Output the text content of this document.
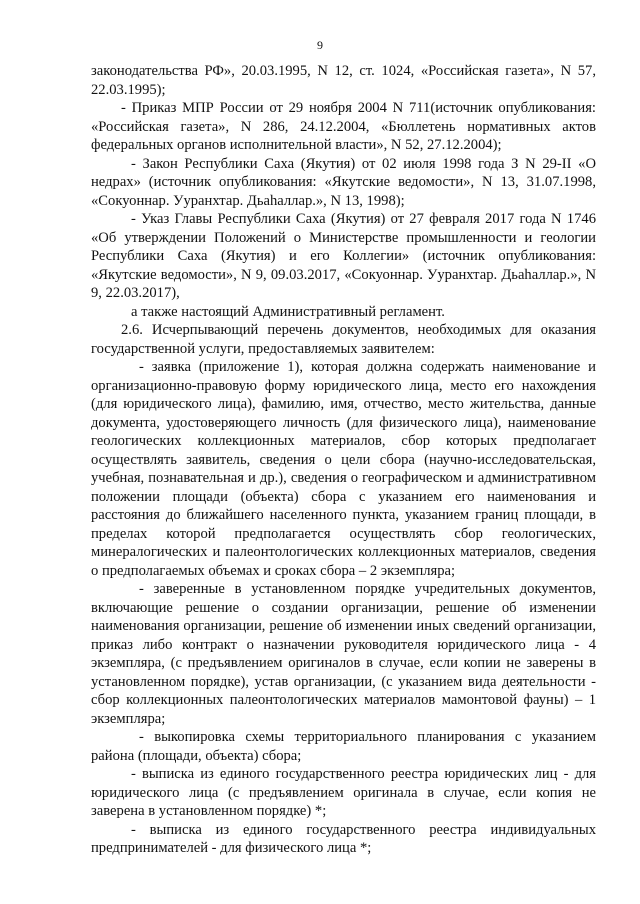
9

законодательства РФ», 20.03.1995, N 12, ст. 1024, «Российская газета», N 57, 22.03.1995);

- Приказ МПР России от 29 ноября 2004 N 711(источник опубликования: «Российская газета», N 286, 24.12.2004, «Бюллетень нормативных актов федеральных органов исполнительной власти», N 52, 27.12.2004);

- Закон Республики Саха (Якутия) от 02 июля 1998 года З N 29-II «О недрах» (источник опубликования: «Якутские ведомости», N 13, 31.07.1998, «Сокуоннар. Ууранхтар. Дьаһаллар.», N 13, 1998);

- Указ Главы Республики Саха (Якутия) от 27 февраля 2017 года N 1746 «Об утверждении Положений о Министерстве промышленности и геологии Республики Саха (Якутия) и его Коллегии» (источник опубликования: «Якутские ведомости», N 9, 09.03.2017, «Сокуоннар. Ууранхтар. Дьаһаллар.», N 9, 22.03.2017),

а также настоящий Административный регламент.

2.6. Исчерпывающий перечень документов, необходимых для оказания государственной услуги, предоставляемых заявителем:

- заявка (приложение 1), которая должна содержать наименование и организационно-правовую форму юридического лица, место его нахождения (для юридического лица), фамилию, имя, отчество, место жительства, данные документа, удостоверяющего личность (для физического лица), наименование геологических коллекционных материалов, сбор которых предполагает осуществлять заявитель, сведения о цели сбора (научно-исследовательская, учебная, познавательная и др.), сведения о географическом и административном положении площади (объекта) сбора с указанием его наименования и расстояния до ближайшего населенного пункта, указанием границ площади, в пределах которой предполагается осуществлять сбор геологических, минералогических и палеонтологических коллекционных материалов, сведения о предполагаемых объемах и сроках сбора – 2 экземпляра;

- заверенные в установленном порядке учредительных документов, включающие решение о создании организации, решение об изменении наименования организации, решение об изменении иных сведений организации, приказ либо контракт о назначении руководителя юридического лица - 4 экземпляра, (с предъявлением оригиналов в случае, если копии не заверены в установленном порядке), устав организации, (с указанием вида деятельности - сбор коллекционных палеонтологических материалов мамонтовой фауны) – 1 экземпляра;

- выкопировка схемы территориального планирования с указанием района (площади, объекта) сбора;

- выписка из единого государственного реестра юридических лиц - для юридического лица (с предъявлением оригинала в случае, если копия не заверена в установленном порядке) *;

- выписка из единого государственного реестра индивидуальных предпринимателей - для физического лица *;
